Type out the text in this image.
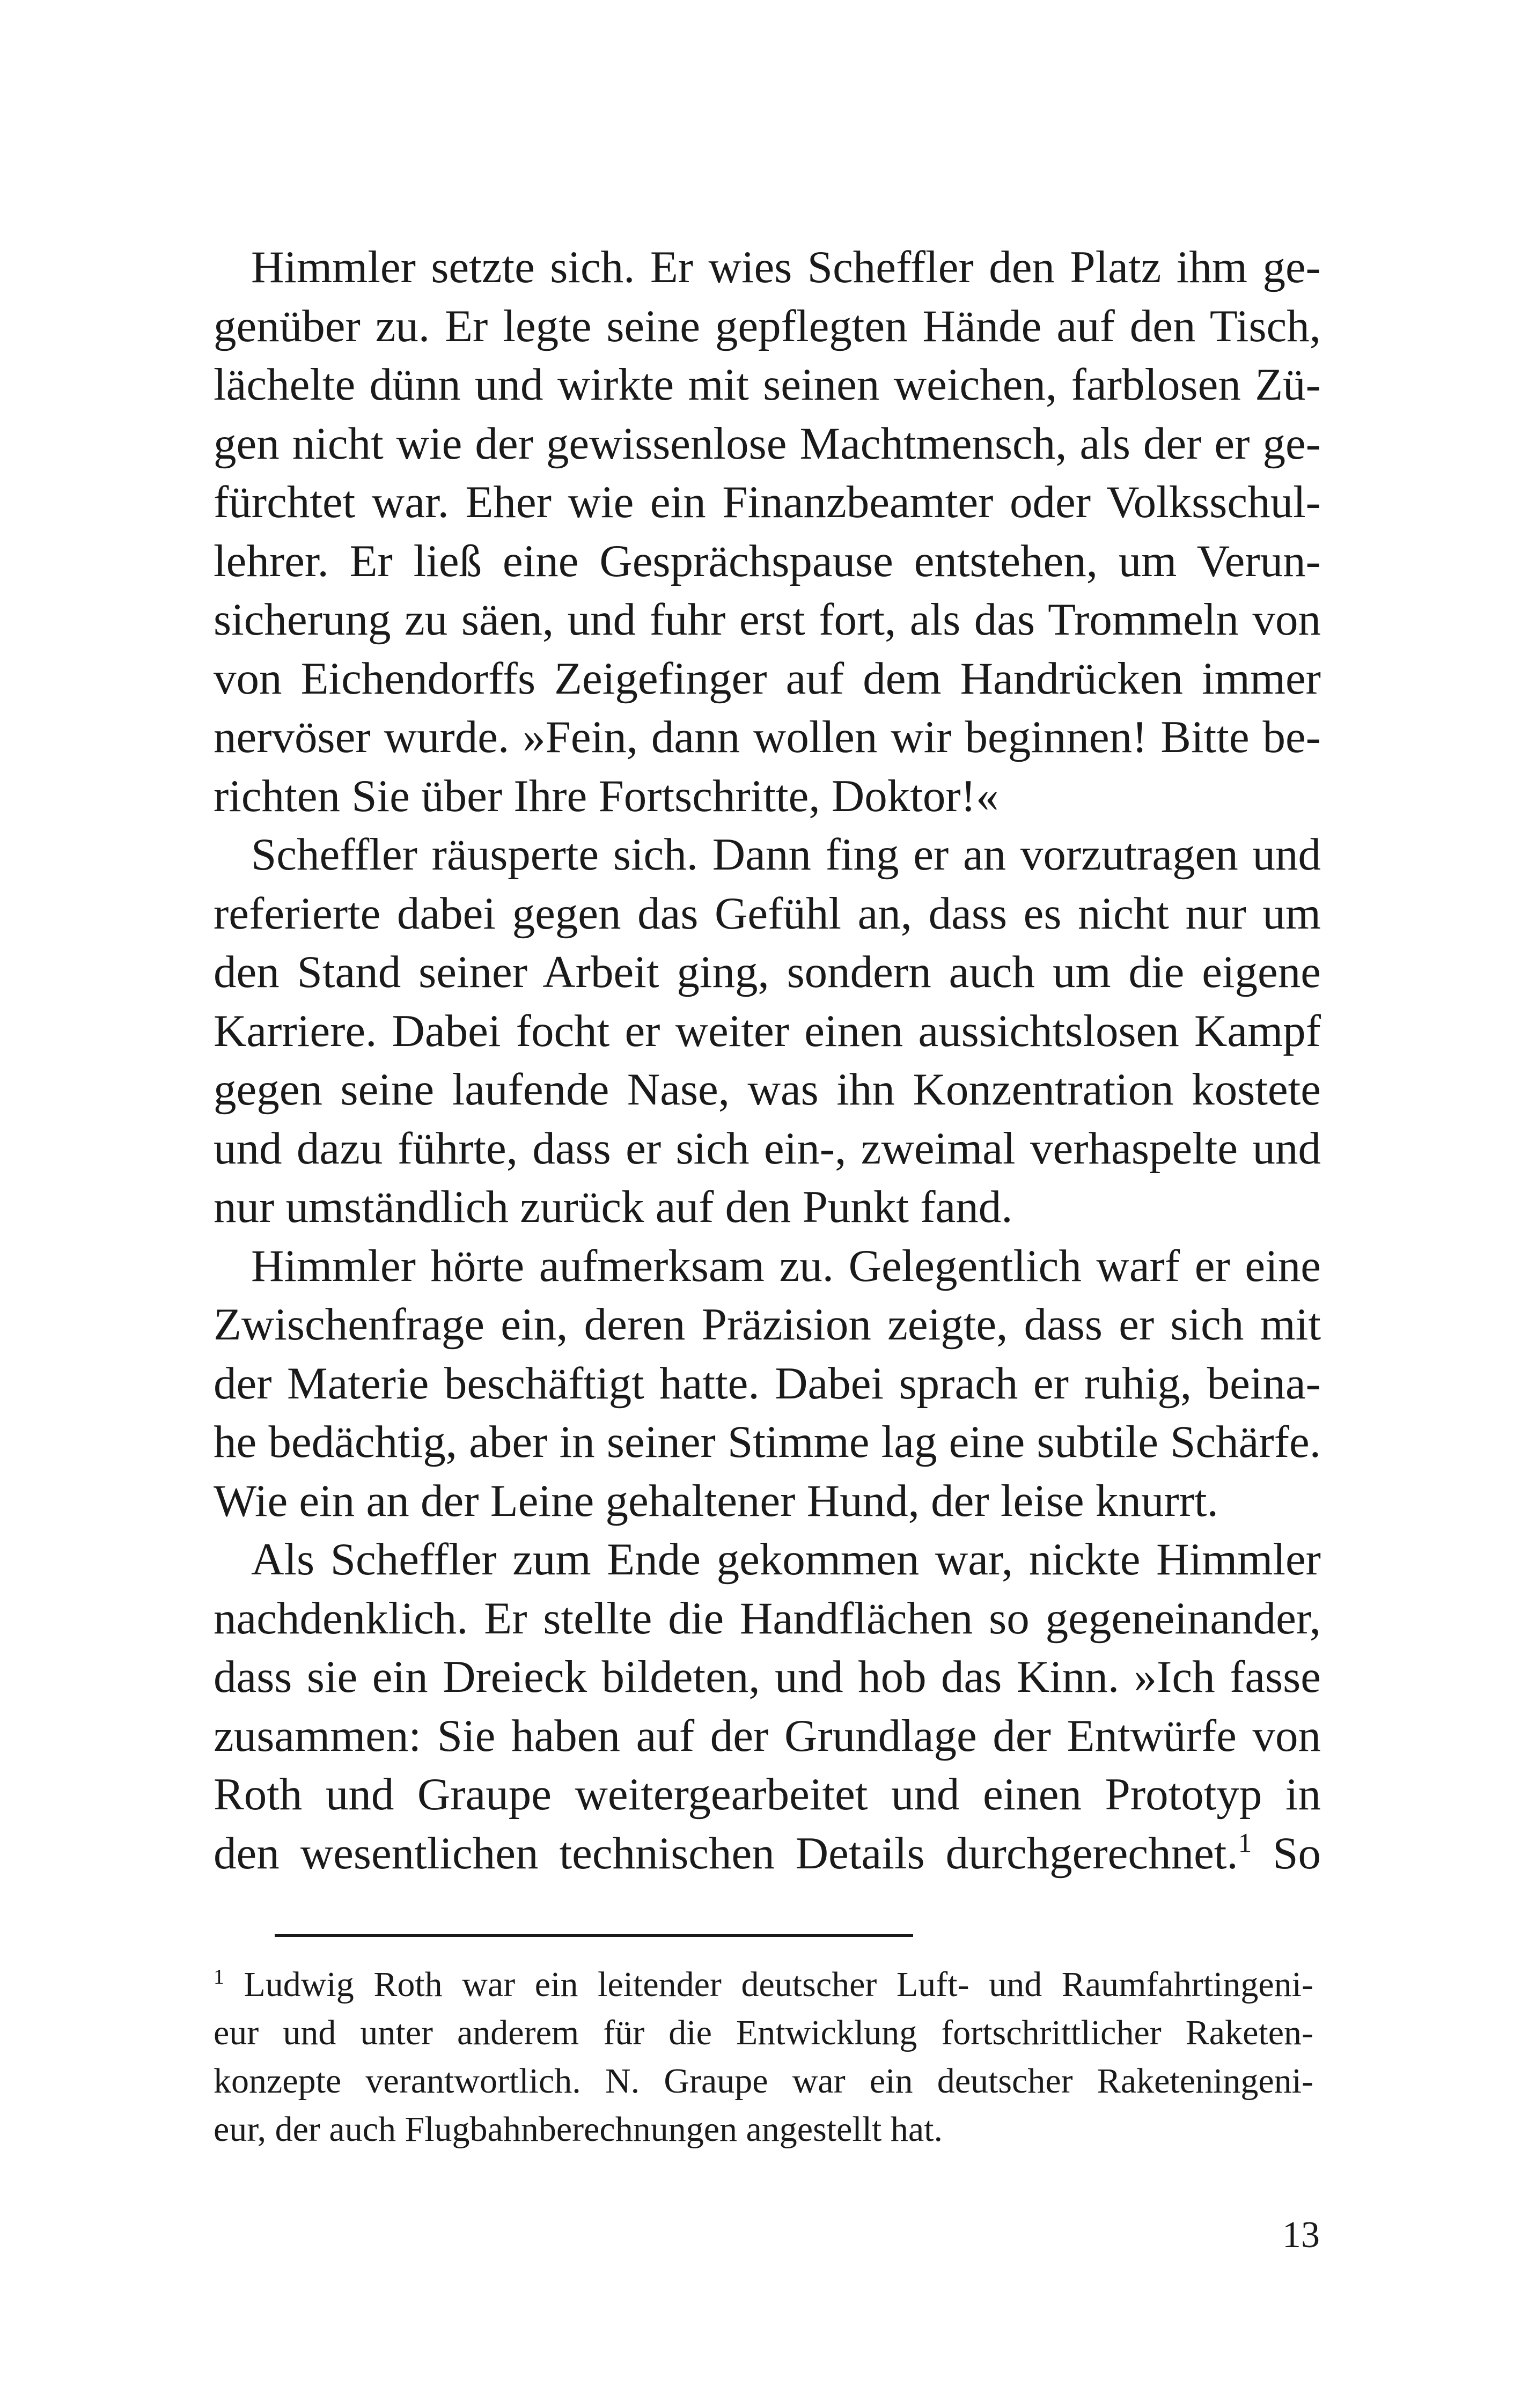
Himmler setzte sich. Er wies Scheffler den Platz ihm ge-
genüber zu. Er legte seine gepflegten Hände auf den Tisch,
lächelte dünn und wirkte mit seinen weichen, farblosen Zü-
gen nicht wie der gewissenlose Machtmensch, als der er ge-
fürchtet war. Eher wie ein Finanzbeamter oder Volksschul-
lehrer. Er ließ eine Gesprächspause entstehen, um Verun-
sicherung zu säen, und fuhr erst fort, als das Trommeln von
von Eichendorffs Zeigefinger auf dem Handrücken immer
nervöser wurde. »Fein, dann wollen wir beginnen! Bitte be-
richten Sie über Ihre Fortschritte, Doktor!«
Scheffler räusperte sich. Dann fing er an vorzutragen und
referierte dabei gegen das Gefühl an, dass es nicht nur um
den Stand seiner Arbeit ging, sondern auch um die eigene
Karriere. Dabei focht er weiter einen aussichtslosen Kampf
gegen seine laufende Nase, was ihn Konzentration kostete
und dazu führte, dass er sich ein-, zweimal verhaspelte und
nur umständlich zurück auf den Punkt fand.
Himmler hörte aufmerksam zu. Gelegentlich warf er eine
Zwischenfrage ein, deren Präzision zeigte, dass er sich mit
der Materie beschäftigt hatte. Dabei sprach er ruhig, beina-
he bedächtig, aber in seiner Stimme lag eine subtile Schärfe.
Wie ein an der Leine gehaltener Hund, der leise knurrt.
Als Scheffler zum Ende gekommen war, nickte Himmler
nachdenklich. Er stellte die Handflächen so gegeneinander,
dass sie ein Dreieck bildeten, und hob das Kinn. »Ich fasse
zusammen: Sie haben auf der Grundlage der Entwürfe von
Roth und Graupe weitergearbeitet und einen Prototyp in
den wesentlichen technischen Details durchgerechnet.$^1$ So
$^1$ Ludwig Roth war ein leitender deutscher Luft- und Raumfahrtingeni-
eur und unter anderem für die Entwicklung fortschrittlicher Raketen-
konzepte verantwortlich. N. Graupe war ein deutscher Raketeningeni-
eur, der auch Flugbahnberechnungen angestellt hat.
13
